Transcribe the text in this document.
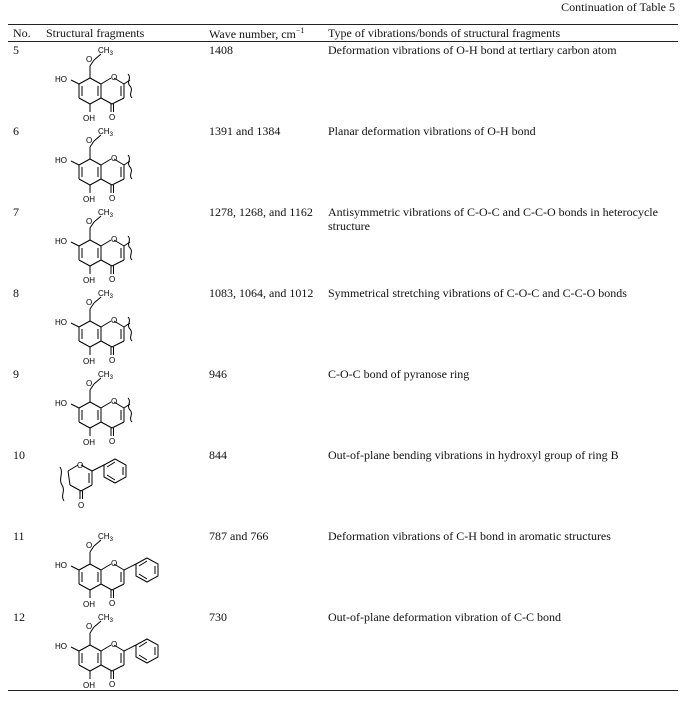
Continuation of Table 5
No. Structural fragments	Wave number, $cm^{-1}$ Type of vibrations/bonds of structural fragments
5
O
$CH_3$
O
HO
OH O
1408	Deformation vibrations of O-H bond at tertiary carbon atom
6
O
$CH_3$
O
HO
OH O
1391 and 1384	Planar deformation vibrations of O-H bond
7
O
$CH_3$
O
HO
OH O
1278, 1268, and 1162 Antisymmetric vibrations of C-O-C and C-C-O bonds in heterocycle structure
8
O
$CH_3$
O
HO
OH O
1083, 1064, and 1012 Symmetrical stretching vibrations of C-O-C and C-C-O bonds
9
O
$CH_3$
O
HO
OH O
946	C-O-C bond of pyranose ring
10
O
O
844	Out-of-plane bending vibrations in hydroxyl group of ring B
11
O
$CH_3$
O
HO
OH O
787 and 766	Deformation vibrations of C-H bond in aromatic structures
12
O
$CH_3$
O
HO
OH O
730	Out-of-plane deformation vibration of C-C bond
